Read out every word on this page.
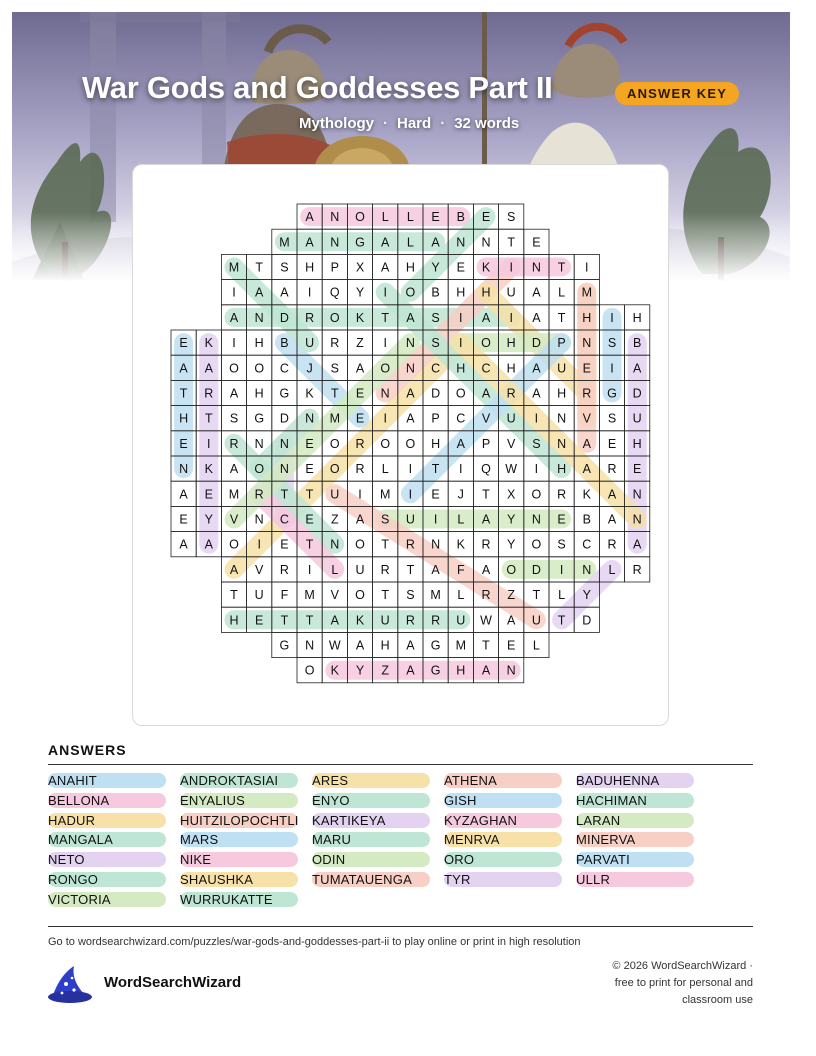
War Gods and Goddesses Part II	ANSWER KEY
Mythology · Hard · 32 words
A N O L L E B E S
M A N G A L A N N T E
M T S H P X A H Y E K I N T I
I A A I Q Y I O B H H U A L M
A N D R O K T A S I A I A T H I H
E K I H B U R Z I N S I O H D P N S B
A A O O C J S A O N C H C H A U E I A
T R A H G K T E N A D O A R A H R G D
H T S G D N M E I A P C V U I N V S U
E I R N N E O R O O H A P V S N A E H
N K A O N E O R L I T I Q W I H A R E
A E M R T T U I M I E J T X O R K A N
E Y V N C E Z A S U I L A Y N E B A N
A A O I E T N O T R N K R Y O S C R A
A V R I L U R T A F A O D I N L R
T U F M V O T S M L R Z T L Y
H E T T A K U R R U W A U T D
G N W A H A G M T E L
O K Y Z A G H A N
ANSWERS
ANAHIT
BELLONA
HADUR
MANGALA
NETO
RONGO
VICTORIA
ANDROKTASIAI
ENYALIUS
HUITZILOPOCHTLI
MARS
NIKE
SHAUSHKA
WURRUKATTE
ARES
ENYO
KARTIKEYA
MARU
ODIN
TUMATAUENGA
ATHENA
GISH
KYZAGHAN
MENRVA
ORO
TYR
BADUHENNA
HACHIMAN
LARAN
MINERVA
PARVATI
ULLR
Go to wordsearchwizard.com/puzzles/war-gods-and-goddesses-part-ii to play online or print in high resolution
WordSearchWizard
© 2026 WordSearchWizard ·
free to print for personal and
classroom use
